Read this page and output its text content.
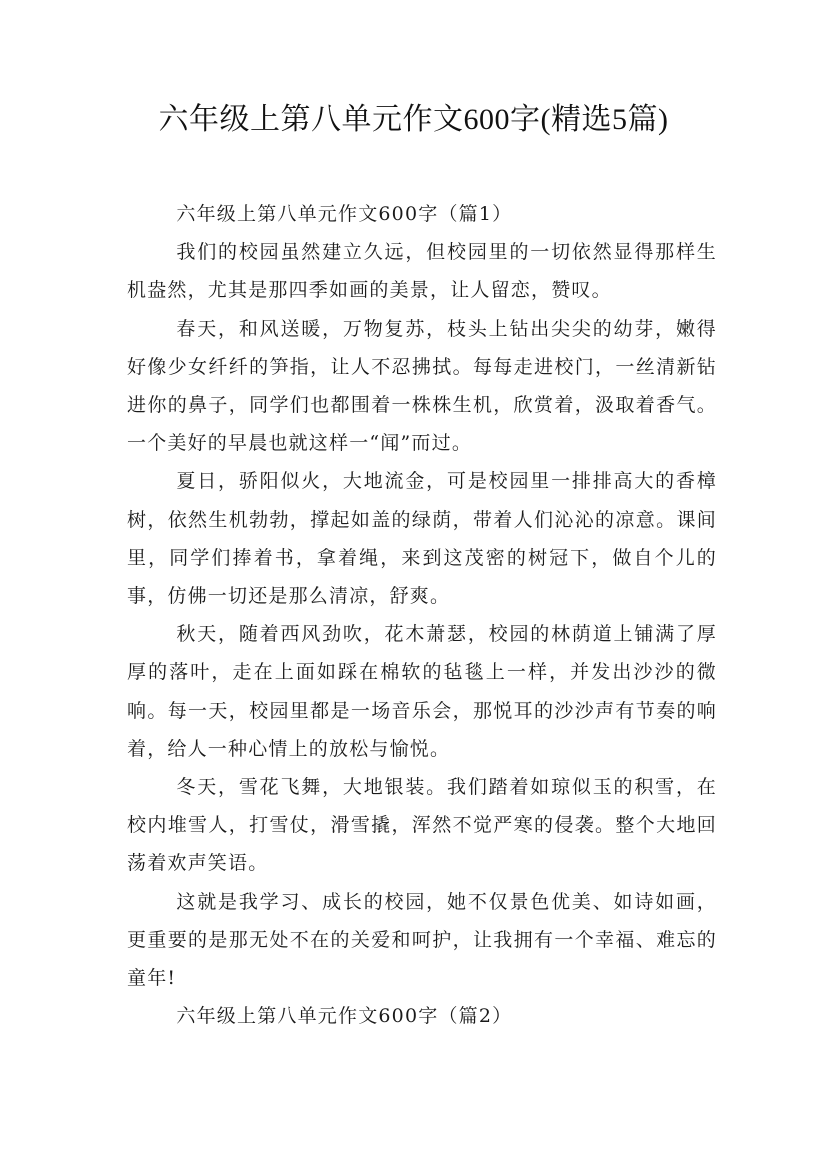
六年级上第八单元作文600字(精选5篇)

六年级上第八单元作文600字（篇1）

我们的校园虽然建立久远，但校园里的一切依然显得那样生机盎然，尤其是那四季如画的美景，让人留恋，赞叹。

春天，和风送暖，万物复苏，枝头上钻出尖尖的幼芽，嫩得好像少女纤纤的笋指，让人不忍拂拭。每每走进校门，一丝清新钻进你的鼻子，同学们也都围着一株株生机，欣赏着，汲取着香气。一个美好的早晨也就这样一“闻”而过。

夏日，骄阳似火，大地流金，可是校园里一排排高大的香樟树，依然生机勃勃，撑起如盖的绿荫，带着人们沁沁的凉意。课间里，同学们捧着书，拿着绳，来到这茂密的树冠下，做自个儿的事，仿佛一切还是那么清凉，舒爽。

秋天，随着西风劲吹，花木萧瑟，校园的林荫道上铺满了厚厚的落叶，走在上面如踩在棉软的毡毯上一样，并发出沙沙的微响。每一天，校园里都是一场音乐会，那悦耳的沙沙声有节奏的响着，给人一种心情上的放松与愉悦。

冬天，雪花飞舞，大地银装。我们踏着如琼似玉的积雪，在校内堆雪人，打雪仗，滑雪撬，浑然不觉严寒的侵袭。整个大地回荡着欢声笑语。

这就是我学习、成长的校园，她不仅景色优美、如诗如画，更重要的是那无处不在的关爱和呵护，让我拥有一个幸福、难忘的童年!

六年级上第八单元作文600字（篇2）
